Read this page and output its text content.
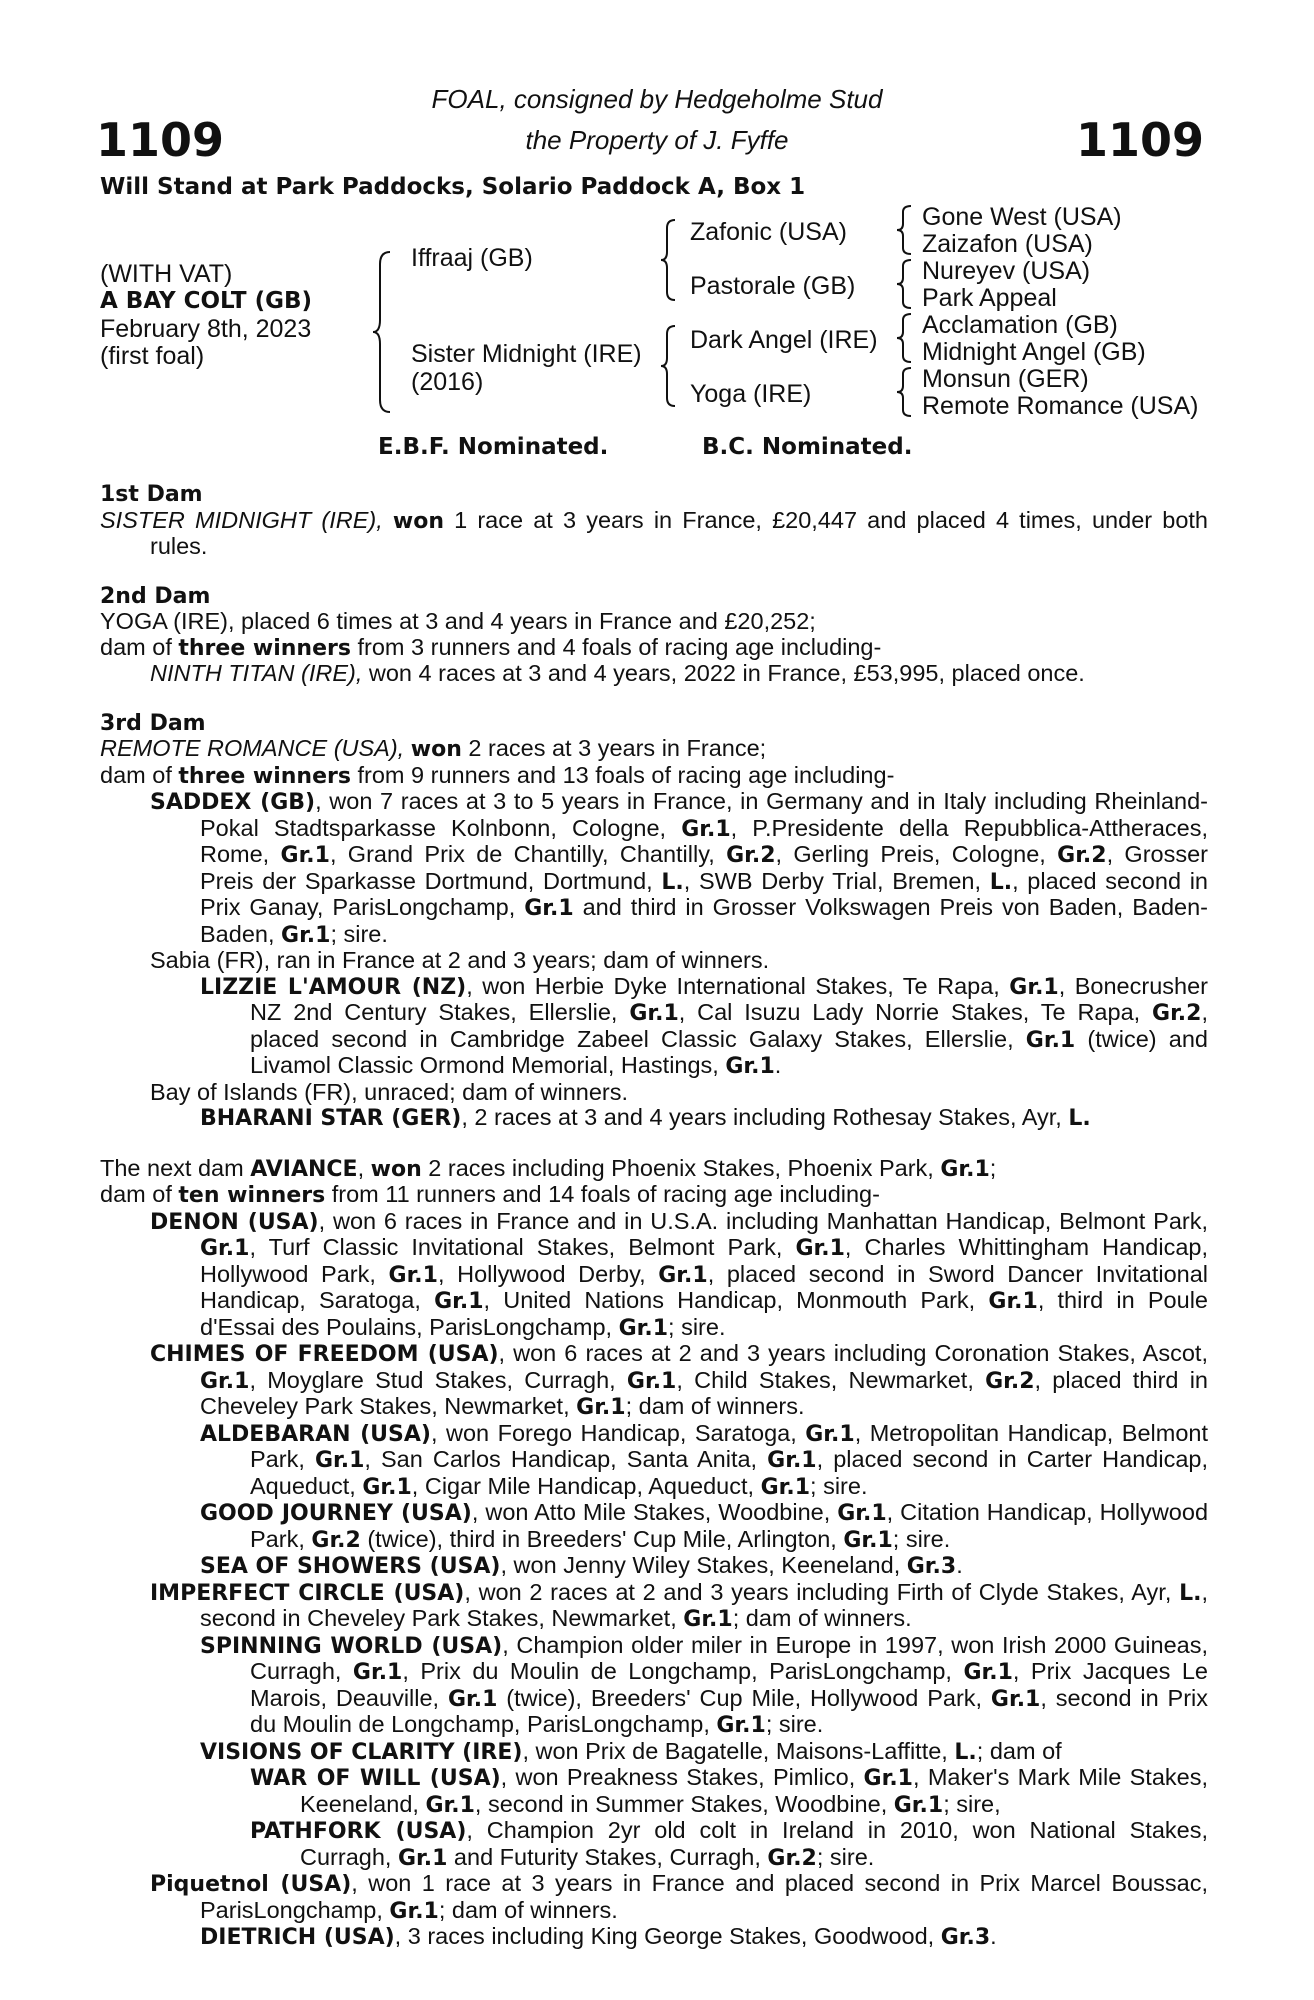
1109	1109
FOAL, consigned by Hedgeholme Stud
the Property of J. Fyffe
Will Stand at Park Paddocks, Solario Paddock A, Box 1
(WITH VAT)
A BAY COLT (GB)
February 8th, 2023
(first foal)
Iffraaj (GB)
Sister Midnight (IRE)
(2016)
Zafonic (USA)
Pastorale (GB)
Dark Angel (IRE)
Yoga (IRE)
Gone West (USA)
Zaizafon (USA)
Nureyev (USA)
Park Appeal
Acclamation (GB)
Midnight Angel (GB)
Monsun (GER)
Remote Romance (USA)
E.B.F. Nominated.	B.C. Nominated.
1st Dam
SISTER MIDNIGHT (IRE), won 1 race at 3 years in France, £20,447 and placed 4 times, under both rules.
2nd Dam
YOGA (IRE), placed 6 times at 3 and 4 years in France and £20,252;
dam of three winners from 3 runners and 4 foals of racing age including-
NINTH TITAN (IRE), won 4 races at 3 and 4 years, 2022 in France, £53,995, placed once.
3rd Dam
REMOTE ROMANCE (USA), won 2 races at 3 years in France;
dam of three winners from 9 runners and 13 foals of racing age including-
SADDEX (GB), won 7 races at 3 to 5 years in France, in Germany and in Italy including Rheinland-Pokal Stadtsparkasse Kolnbonn, Cologne, Gr.1, P.Presidente della Repubblica-Attheraces, Rome, Gr.1, Grand Prix de Chantilly, Chantilly, Gr.2, Gerling Preis, Cologne, Gr.2, Grosser Preis der Sparkasse Dortmund, Dortmund, L., SWB Derby Trial, Bremen, L., placed second in Prix Ganay, ParisLongchamp, Gr.1 and third in Grosser Volkswagen Preis von Baden, Baden-Baden, Gr.1; sire.
Sabia (FR), ran in France at 2 and 3 years; dam of winners.
LIZZIE L'AMOUR (NZ), won Herbie Dyke International Stakes, Te Rapa, Gr.1, Bonecrusher NZ 2nd Century Stakes, Ellerslie, Gr.1, Cal Isuzu Lady Norrie Stakes, Te Rapa, Gr.2, placed second in Cambridge Zabeel Classic Galaxy Stakes, Ellerslie, Gr.1 (twice) and Livamol Classic Ormond Memorial, Hastings, Gr.1.
Bay of Islands (FR), unraced; dam of winners.
BHARANI STAR (GER), 2 races at 3 and 4 years including Rothesay Stakes, Ayr, L.
The next dam AVIANCE, won 2 races including Phoenix Stakes, Phoenix Park, Gr.1;
dam of ten winners from 11 runners and 14 foals of racing age including-
DENON (USA), won 6 races in France and in U.S.A. including Manhattan Handicap, Belmont Park, Gr.1, Turf Classic Invitational Stakes, Belmont Park, Gr.1, Charles Whittingham Handicap, Hollywood Park, Gr.1, Hollywood Derby, Gr.1, placed second in Sword Dancer Invitational Handicap, Saratoga, Gr.1, United Nations Handicap, Monmouth Park, Gr.1, third in Poule d'Essai des Poulains, ParisLongchamp, Gr.1; sire.
CHIMES OF FREEDOM (USA), won 6 races at 2 and 3 years including Coronation Stakes, Ascot, Gr.1, Moyglare Stud Stakes, Curragh, Gr.1, Child Stakes, Newmarket, Gr.2, placed third in Cheveley Park Stakes, Newmarket, Gr.1; dam of winners.
ALDEBARAN (USA), won Forego Handicap, Saratoga, Gr.1, Metropolitan Handicap, Belmont Park, Gr.1, San Carlos Handicap, Santa Anita, Gr.1, placed second in Carter Handicap, Aqueduct, Gr.1, Cigar Mile Handicap, Aqueduct, Gr.1; sire.
GOOD JOURNEY (USA), won Atto Mile Stakes, Woodbine, Gr.1, Citation Handicap, Hollywood Park, Gr.2 (twice), third in Breeders' Cup Mile, Arlington, Gr.1; sire.
SEA OF SHOWERS (USA), won Jenny Wiley Stakes, Keeneland, Gr.3.
IMPERFECT CIRCLE (USA), won 2 races at 2 and 3 years including Firth of Clyde Stakes, Ayr, L., second in Cheveley Park Stakes, Newmarket, Gr.1; dam of winners.
SPINNING WORLD (USA), Champion older miler in Europe in 1997, won Irish 2000 Guineas, Curragh, Gr.1, Prix du Moulin de Longchamp, ParisLongchamp, Gr.1, Prix Jacques Le Marois, Deauville, Gr.1 (twice), Breeders' Cup Mile, Hollywood Park, Gr.1, second in Prix du Moulin de Longchamp, ParisLongchamp, Gr.1; sire.
VISIONS OF CLARITY (IRE), won Prix de Bagatelle, Maisons-Laffitte, L.; dam of
WAR OF WILL (USA), won Preakness Stakes, Pimlico, Gr.1, Maker's Mark Mile Stakes, Keeneland, Gr.1, second in Summer Stakes, Woodbine, Gr.1; sire,
PATHFORK (USA), Champion 2yr old colt in Ireland in 2010, won National Stakes, Curragh, Gr.1 and Futurity Stakes, Curragh, Gr.2; sire.
Piquetnol (USA), won 1 race at 3 years in France and placed second in Prix Marcel Boussac, ParisLongchamp, Gr.1; dam of winners.
DIETRICH (USA), 3 races including King George Stakes, Goodwood, Gr.3.
